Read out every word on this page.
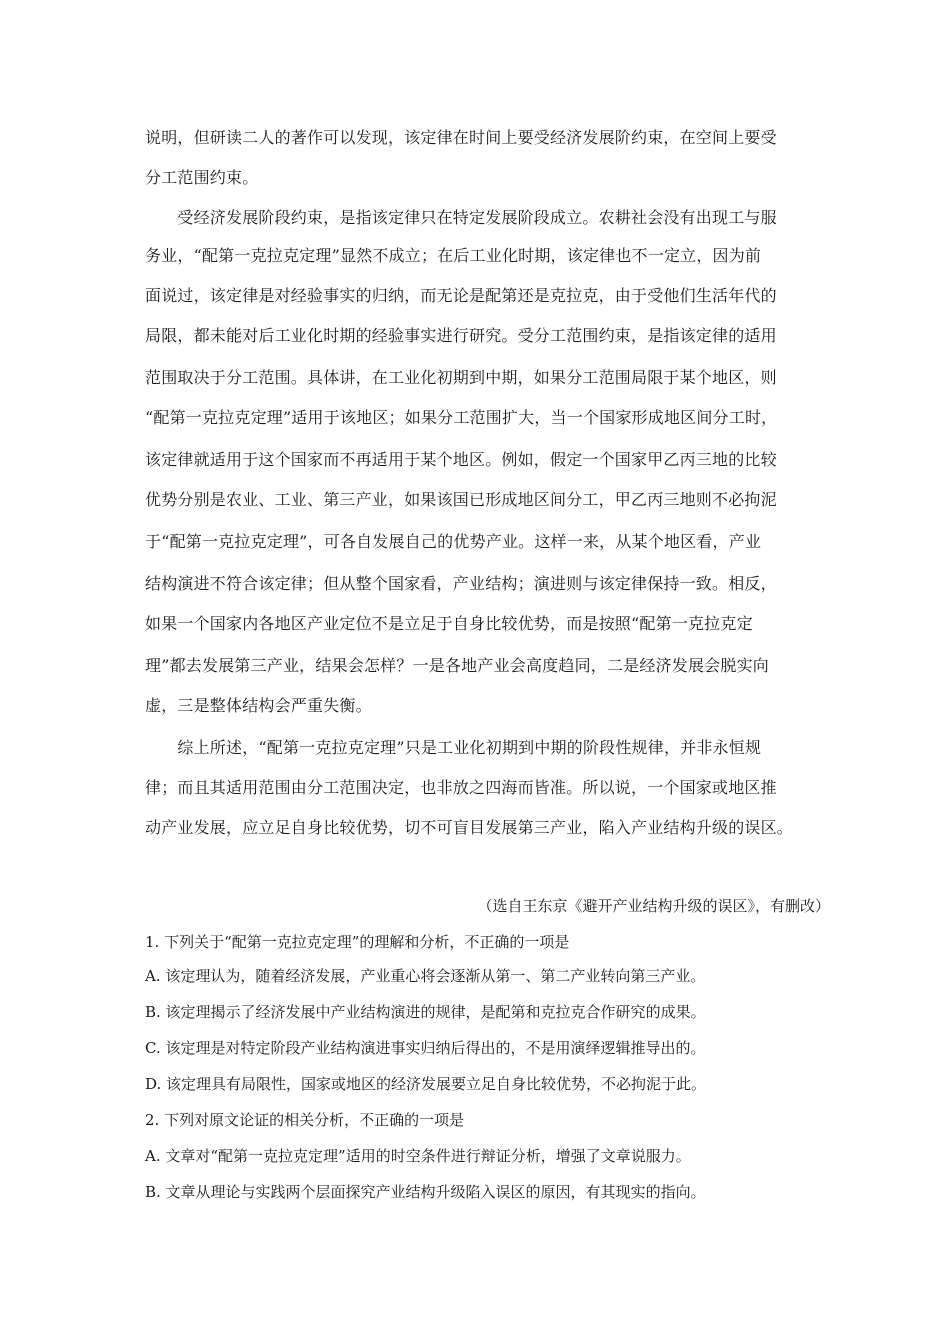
说明，但研读二人的著作可以发现，该定律在时间上要受经济发展阶约束，在空间上要受
分工范围约束。
　　受经济发展阶段约束，是指该定律只在特定发展阶段成立。农耕社会没有出现工与服
务业，“配第一克拉克定理”显然不成立；在后工业化时期，该定律也不一定立，因为前
面说过，该定律是对经验事实的归纳，而无论是配第还是克拉克，由于受他们生活年代的
局限，都未能对后工业化时期的经验事实进行研究。受分工范围约束，是指该定律的适用
范围取决于分工范围。具体讲，在工业化初期到中期，如果分工范围局限于某个地区，则
“配第一克拉克定理”适用于该地区；如果分工范围扩大，当一个国家形成地区间分工时，
该定律就适用于这个国家而不再适用于某个地区。例如，假定一个国家甲乙丙三地的比较
优势分别是农业、工业、第三产业，如果该国已形成地区间分工，甲乙丙三地则不必拘泥
于“配第一克拉克定理”，可各自发展自己的优势产业。这样一来，从某个地区看，产业
结构演进不符合该定律；但从整个国家看，产业结构；演进则与该定律保持一致。相反，
如果一个国家内各地区产业定位不是立足于自身比较优势，而是按照“配第一克拉克定
理”都去发展第三产业，结果会怎样？一是各地产业会高度趋同，二是经济发展会脱实向
虚，三是整体结构会严重失衡。
　　综上所述，“配第一克拉克定理”只是工业化初期到中期的阶段性规律，并非永恒规
律；而且其适用范围由分工范围决定，也非放之四海而皆准。所以说，一个国家或地区推
动产业发展，应立足自身比较优势，切不可盲目发展第三产业，陷入产业结构升级的误区。
（选自王东京《避开产业结构升级的误区》，有删改）
1. 下列关于“配第一克拉克定理”的理解和分析，不正确的一项是
A. 该定理认为，随着经济发展，产业重心将会逐渐从第一、第二产业转向第三产业。
B. 该定理揭示了经济发展中产业结构演进的规律，是配第和克拉克合作研究的成果。
C. 该定理是对特定阶段产业结构演进事实归纳后得出的，不是用演绎逻辑推导出的。
D. 该定理具有局限性，国家或地区的经济发展要立足自身比较优势，不必拘泥于此。
2. 下列对原文论证的相关分析，不正确的一项是
A. 文章对“配第一克拉克定理”适用的时空条件进行辩证分析，增强了文章说服力。
B. 文章从理论与实践两个层面探究产业结构升级陷入误区的原因，有其现实的指向。
